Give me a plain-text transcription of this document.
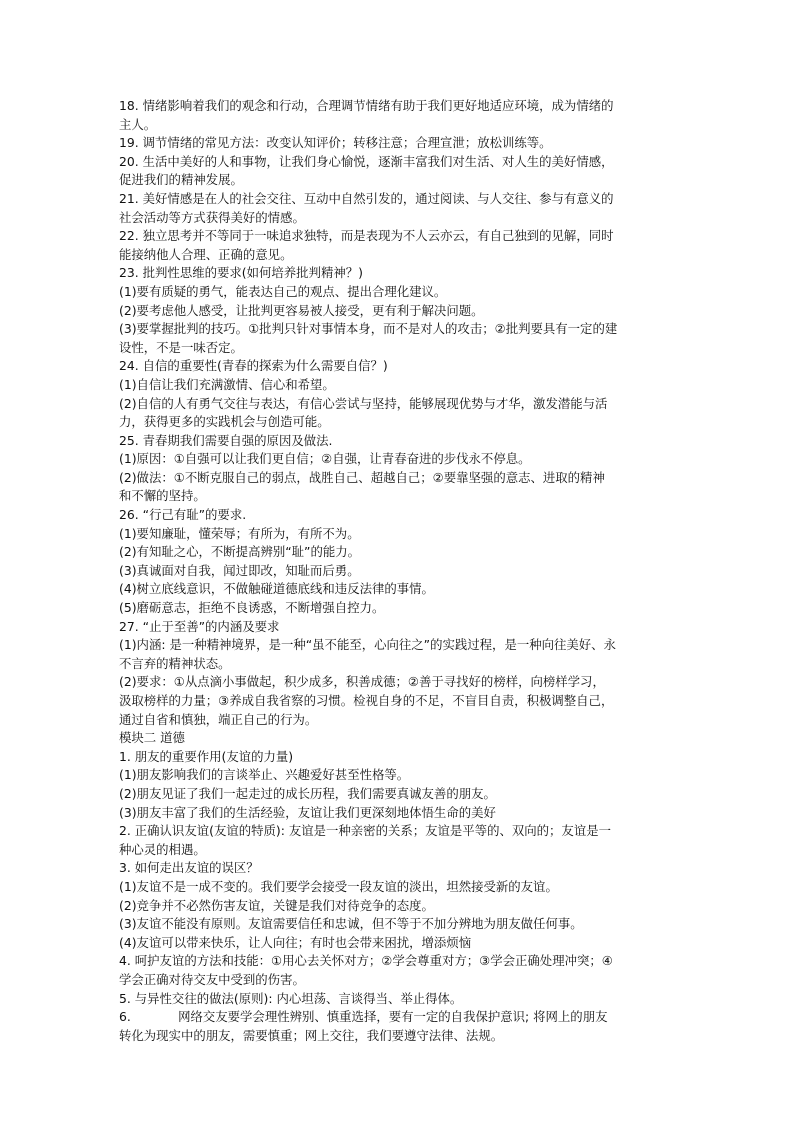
18. 情绪影响着我们的观念和行动，合理调节情绪有助于我们更好地适应环境，成为情绪的

主人。

19. 调节情绪的常见方法：改变认知评价；转移注意；合理宣泄；放松训练等。

20. 生活中美好的人和事物，让我们身心愉悦，逐渐丰富我们对生活、对人生的美好情感，

促进我们的精神发展。

21. 美好情感是在人的社会交往、互动中自然引发的，通过阅读、与人交往、参与有意义的

社会活动等方式获得美好的情感。

22. 独立思考并不等同于一味追求独特，而是表现为不人云亦云，有自己独到的见解，同时

能接纳他人合理、正确的意见。

23. 批判性思维的要求(如何培养批判精神？)

(1)要有质疑的勇气，能表达自己的观点、提出合理化建议。

(2)要考虑他人感受，让批判更容易被人接受，更有利于解决问题。

(3)要掌握批判的技巧。①批判只针对事情本身，而不是对人的攻击；②批判要具有一定的建

设性，不是一味否定。

24. 自信的重要性(青春的探索为什么需要自信？)

(1)自信让我们充满激情、信心和希望。

(2)自信的人有勇气交往与表达，有信心尝试与坚持，能够展现优势与才华，激发潜能与活

力，获得更多的实践机会与创造可能。

25. 青春期我们需要自强的原因及做法.

(1)原因：①自强可以让我们更自信；②自强，让青春奋进的步伐永不停息。

(2)做法：①不断克服自己的弱点，战胜自己、超越自己；②要靠坚强的意志、进取的精神

和不懈的坚持。

26. “行己有耻”的要求.

(1)要知廉耻，懂荣辱；有所为，有所不为。

(2)有知耻之心，不断提高辨别“耻”的能力。

(3)真诚面对自我，闻过即改，知耻而后勇。

(4)树立底线意识，不做触碰道德底线和违反法律的事情。

(5)磨砺意志，拒绝不良诱惑，不断增强自控力。

27. “止于至善”的内涵及要求

(1)内涵: 是一种精神境界，是一种“虽不能至，心向往之”的实践过程，是一种向往美好、永

不言弃的精神状态。

(2)要求：①从点滴小事做起，积少成多，积善成德；②善于寻找好的榜样，向榜样学习，

汲取榜样的力量；③养成自我省察的习惯。检视自身的不足，不盲目自责，积极调整自己，

通过自省和慎独，端正自己的行为。

模块二 道德

1. 朋友的重要作用(友谊的力量)

(1)朋友影响我们的言谈举止、兴趣爱好甚至性格等。

(2)朋友见证了我们一起走过的成长历程，我们需要真诚友善的朋友。

(3)朋友丰富了我们的生活经验，友谊让我们更深刻地体悟生命的美好

2. 正确认识友谊(友谊的特质): 友谊是一种亲密的关系；友谊是平等的、双向的；友谊是一

种心灵的相遇。

3. 如何走出友谊的误区？

(1)友谊不是一成不变的。我们要学会接受一段友谊的淡出，坦然接受新的友谊。

(2)竞争并不必然伤害友谊，关键是我们对待竞争的态度。

(3)友谊不能没有原则。友谊需要信任和忠诚，但不等于不加分辨地为朋友做任何事。

(4)友谊可以带来快乐，让人向往；有时也会带来困扰，增添烦恼

4. 呵护友谊的方法和技能：①用心去关怀对方；②学会尊重对方；③学会正确处理冲突；④

学会正确对待交友中受到的伤害。

5. 与异性交往的做法(原则): 内心坦荡、言谈得当、举止得体。

6.            网络交友要学会理性辨别、慎重选择，要有一定的自我保护意识; 将网上的朋友

转化为现实中的朋友，需要慎重；网上交往，我们要遵守法律、法规。
